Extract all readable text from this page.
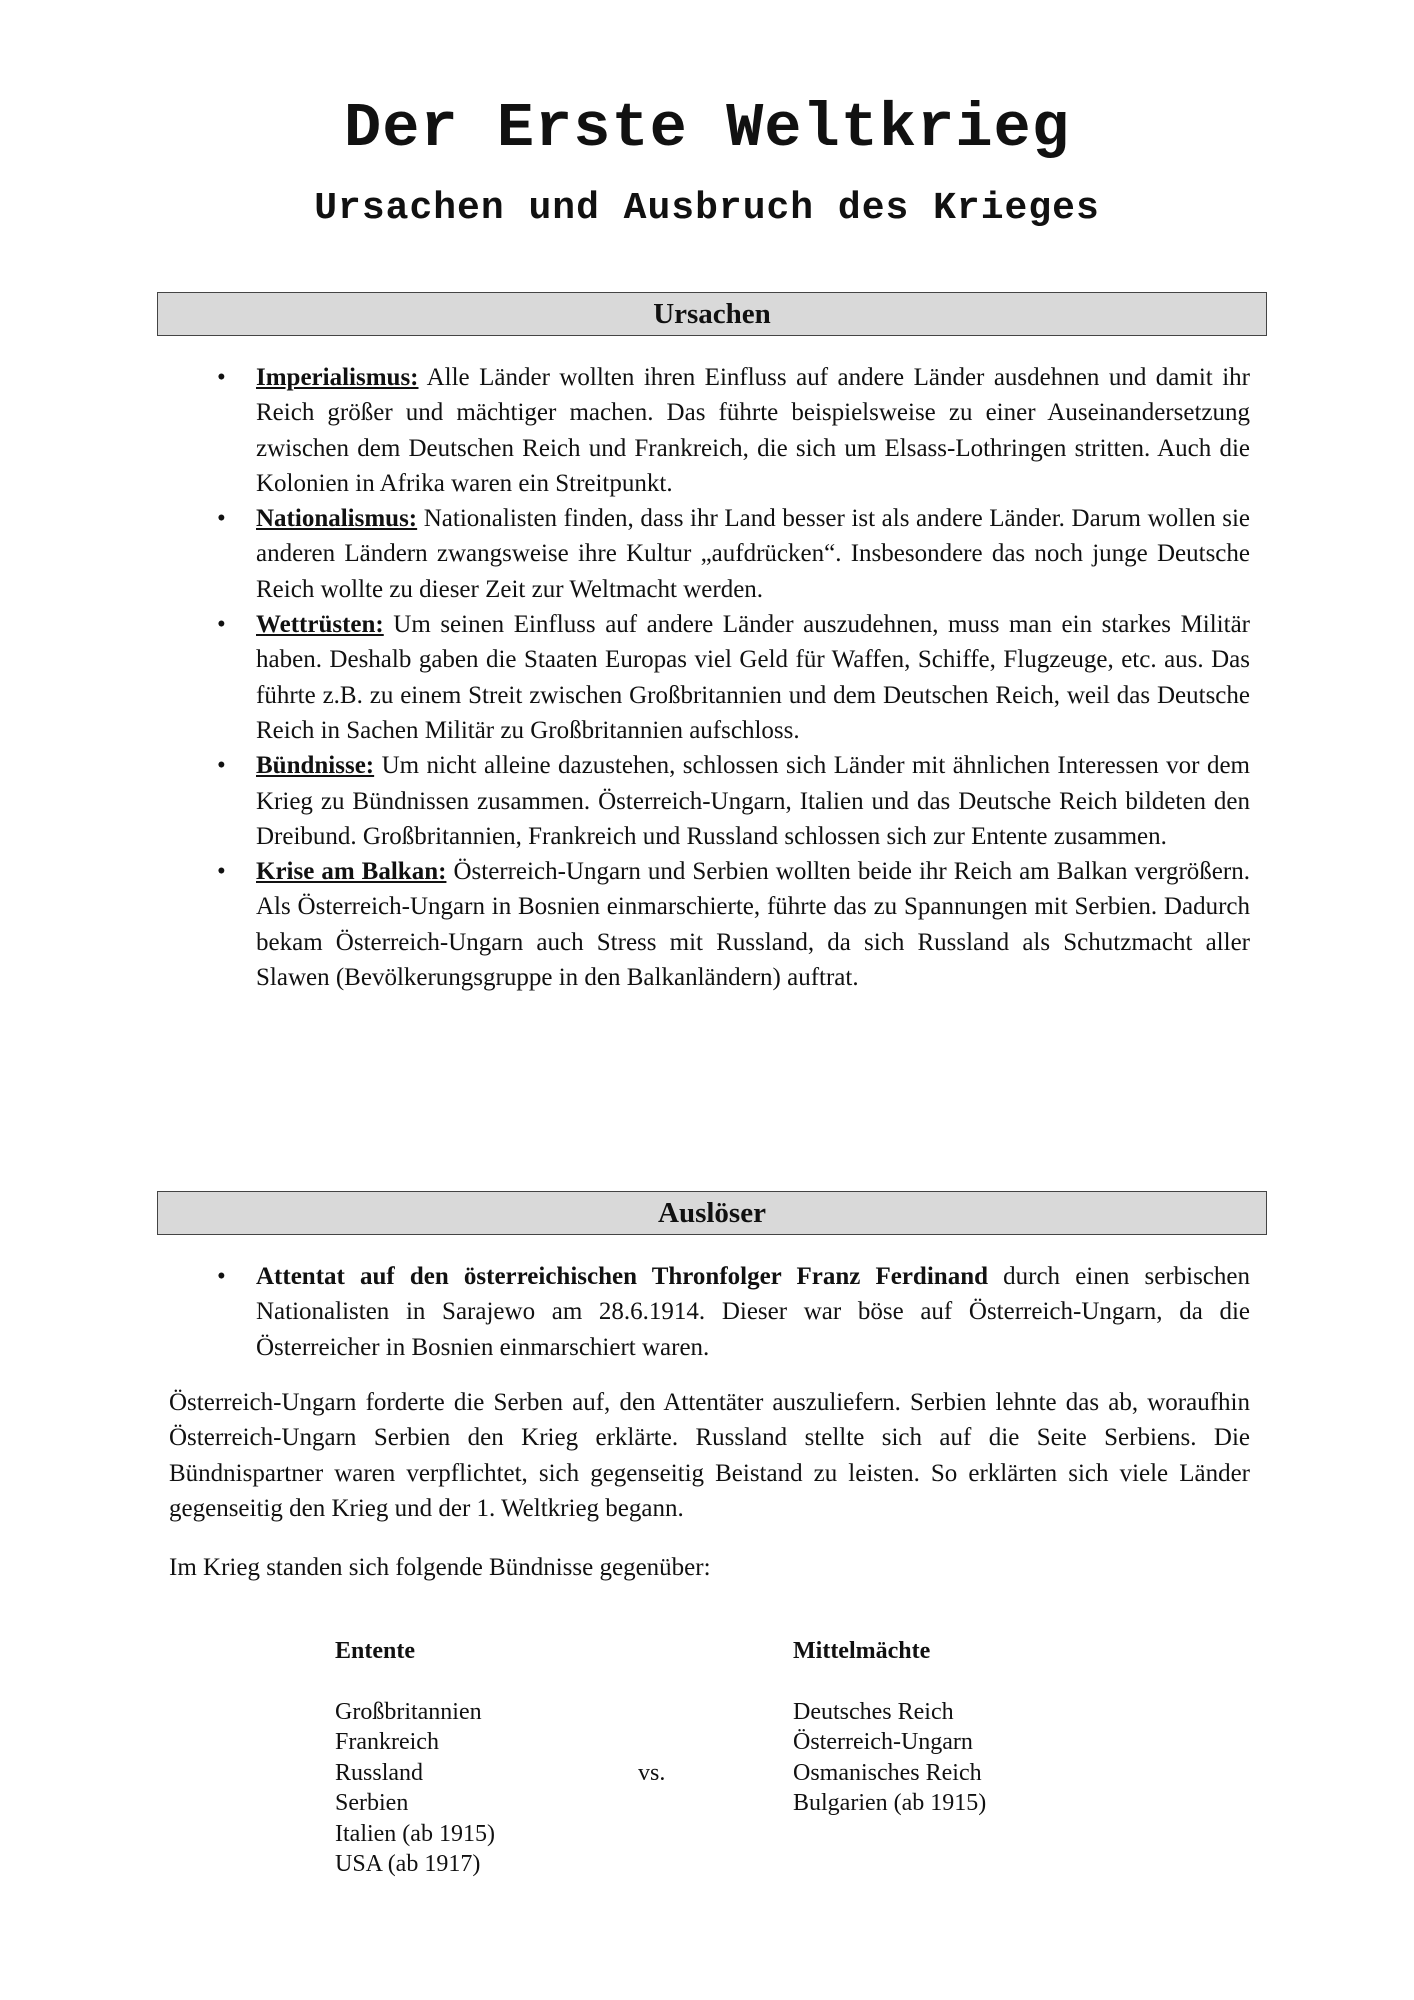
Der Erste Weltkrieg
Ursachen und Ausbruch des Krieges
Ursachen
• Imperialismus: Alle Länder wollten ihren Einfluss auf andere Länder ausdehnen und damit ihr Reich größer und mächtiger machen. Das führte beispielsweise zu einer Auseinandersetzung zwischen dem Deutschen Reich und Frankreich, die sich um Elsass-Lothringen stritten. Auch die Kolonien in Afrika waren ein Streitpunkt.
• Nationalismus: Nationalisten finden, dass ihr Land besser ist als andere Länder. Darum wollen sie anderen Ländern zwangsweise ihre Kultur „aufdrücken“. Insbesondere das noch junge Deutsche Reich wollte zu dieser Zeit zur Weltmacht werden.
• Wettrüsten: Um seinen Einfluss auf andere Länder auszudehnen, muss man ein starkes Militär haben. Deshalb gaben die Staaten Europas viel Geld für Waffen, Schiffe, Flugzeuge, etc. aus. Das führte z.B. zu einem Streit zwischen Großbritannien und dem Deutschen Reich, weil das Deutsche Reich in Sachen Militär zu Großbritannien aufschloss.
• Bündnisse: Um nicht alleine dazustehen, schlossen sich Länder mit ähnlichen Interessen vor dem Krieg zu Bündnissen zusammen. Österreich-Ungarn, Italien und das Deutsche Reich bildeten den Dreibund. Großbritannien, Frankreich und Russland schlossen sich zur Entente zusammen.
• Krise am Balkan: Österreich-Ungarn und Serbien wollten beide ihr Reich am Balkan vergrößern. Als Österreich-Ungarn in Bosnien einmarschierte, führte das zu Spannungen mit Serbien. Dadurch bekam Österreich-Ungarn auch Stress mit Russland, da sich Russland als Schutzmacht aller Slawen (Bevölkerungsgruppe in den Balkanländern) auftrat.
Auslöser
• Attentat auf den österreichischen Thronfolger Franz Ferdinand durch einen serbischen Nationalisten in Sarajewo am 28.6.1914. Dieser war böse auf Österreich-Ungarn, da die Österreicher in Bosnien einmarschiert waren.

Österreich-Ungarn forderte die Serben auf, den Attentäter auszuliefern. Serbien lehnte das ab, woraufhin Österreich-Ungarn Serbien den Krieg erklärte. Russland stellte sich auf die Seite Serbiens. Die Bündnispartner waren verpflichtet, sich gegenseitig Beistand zu leisten. So erklärten sich viele Länder gegenseitig den Krieg und der 1. Weltkrieg begann.

Im Krieg standen sich folgende Bündnisse gegenüber:

Entente
Großbritannien
Frankreich
Russland
Serbien
Italien (ab 1915)
USA (ab 1917)
vs.
Mittelmächte
Deutsches Reich
Österreich-Ungarn
Osmanisches Reich
Bulgarien (ab 1915)
